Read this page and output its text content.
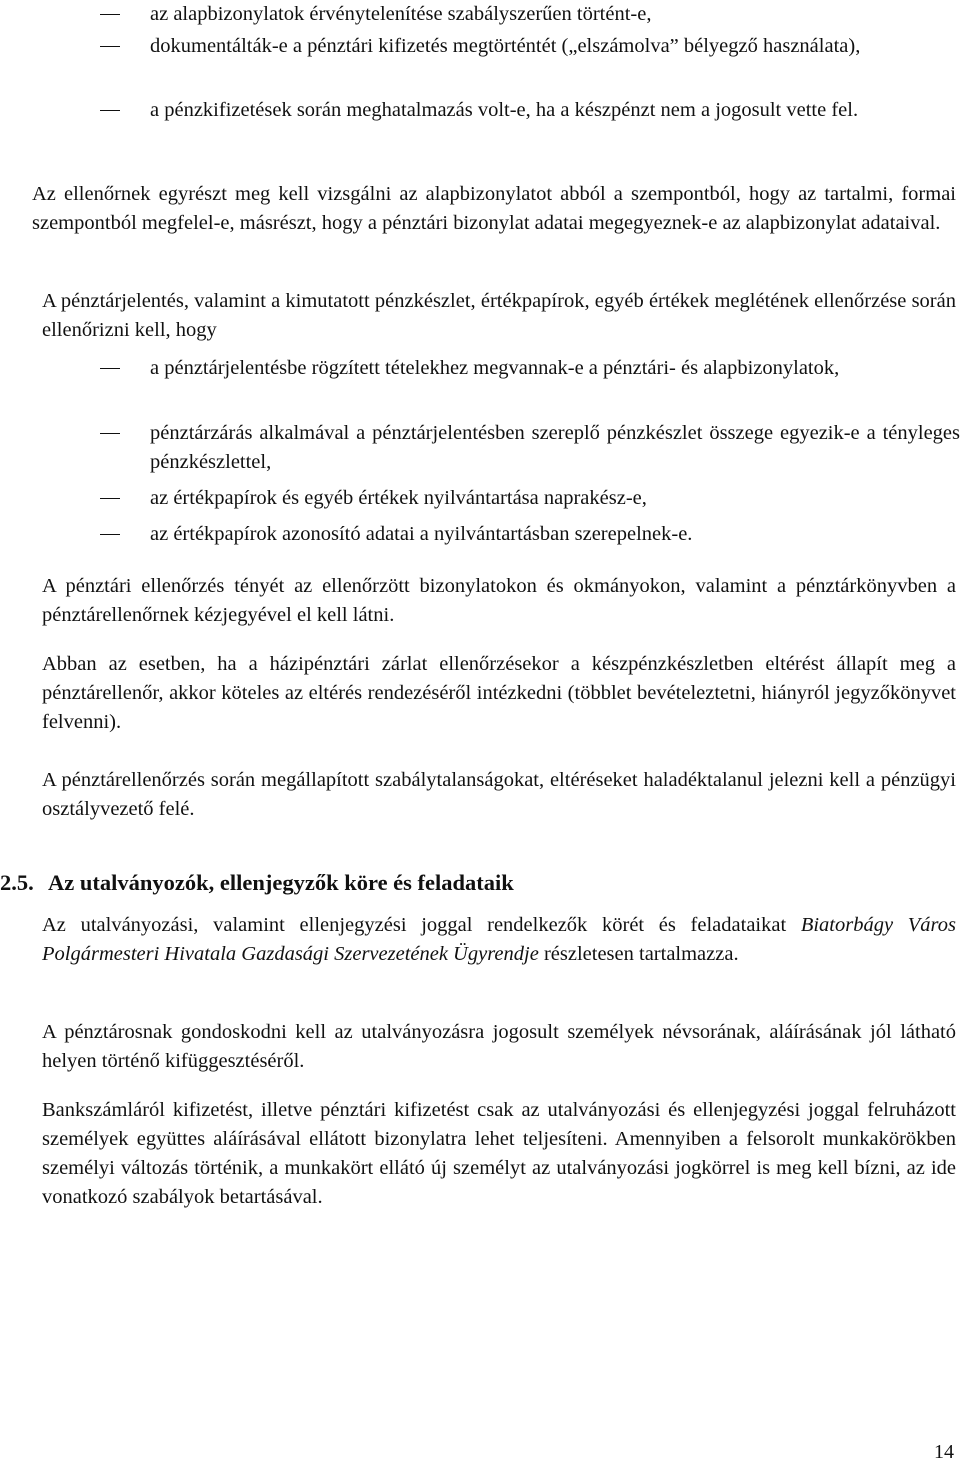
az alapbizonylatok érvénytelenítése szabályszerűen történt-e,
dokumentálták-e a pénztári kifizetés megtörténtét („elszámolva” bélyegző használata),
a pénzkifizetések során meghatalmazás volt-e, ha a készpénzt nem a jogosult vette fel.

Az ellenőrnek egyrészt meg kell vizsgálni az alapbizonylatot abból a szempontból, hogy az tartalmi, formai szempontból megfelel-e, másrészt, hogy a pénztári bizonylat adatai megegyeznek-e az alapbizonylat adataival.

A pénztárjelentés, valamint a kimutatott pénzkészlet, értékpapírok, egyéb értékek meglétének ellenőrzése során ellenőrizni kell, hogy

a pénztárjelentésbe rögzített tételekhez megvannak-e a pénztári- és alapbizonylatok,
pénztárzárás alkalmával a pénztárjelentésben szereplő pénzkészlet összege egyezik-e a tényleges pénzkészlettel,
az értékpapírok és egyéb értékek nyilvántartása naprakész-e,
az értékpapírok azonosító adatai a nyilvántartásban szerepelnek-e.

A pénztári ellenőrzés tényét az ellenőrzött bizonylatokon és okmányokon, valamint a pénztárkönyvben a pénztárellenőrnek kézjegyével el kell látni.

Abban az esetben, ha a házipénztári zárlat ellenőrzésekor a készpénzkészletben eltérést állapít meg a pénztárellenőr, akkor köteles az eltérés rendezéséről intézkedni (többlet bevételeztetni, hiányról jegyzőkönyvet felvenni).

A pénztárellenőrzés során megállapított szabálytalanságokat, eltéréseket haladéktalanul jelezni kell a pénzügyi osztályvezető felé.

2.5. Az utalványozók, ellenjegyzők köre és feladataik

Az utalványozási, valamint ellenjegyzési joggal rendelkezők körét és feladataikat Biatorbágy Város Polgármesteri Hivatala Gazdasági Szervezetének Ügyrendje részletesen tartalmazza.

A pénztárosnak gondoskodni kell az utalványozásra jogosult személyek névsorának, aláírásának jól látható helyen történő kifüggesztéséről.

Bankszámláról kifizetést, illetve pénztári kifizetést csak az utalványozási és ellenjegyzési joggal felruházott személyek együttes aláírásával ellátott bizonylatra lehet teljesíteni. Amennyiben a felsorolt munkakörökben személyi változás történik, a munkakört ellátó új személyt az utalványozási jogkörrel is meg kell bízni, az ide vonatkozó szabályok betartásával.

14
